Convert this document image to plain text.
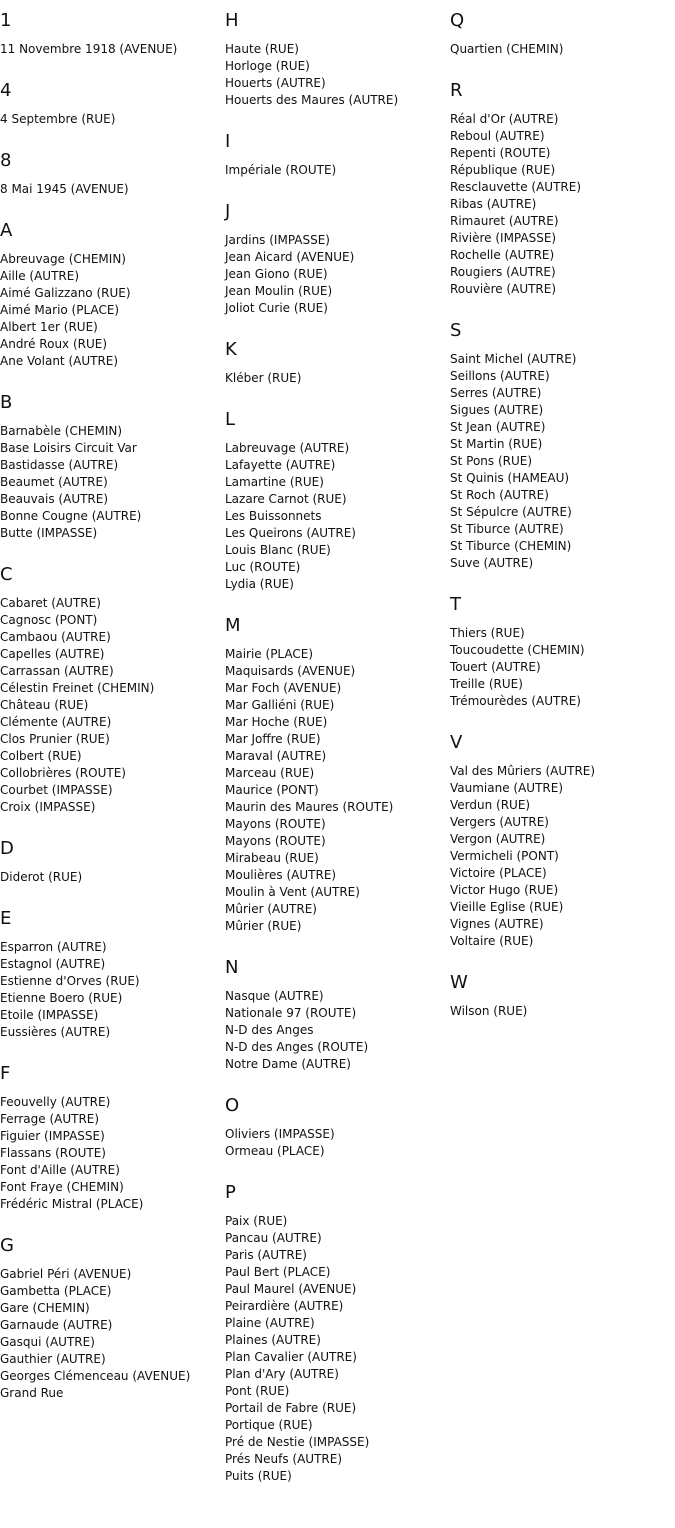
1
11 Novembre 1918 (AVENUE)
4
4 Septembre (RUE)
8
8 Mai 1945 (AVENUE)
A
Abreuvage (CHEMIN)
Aille (AUTRE)
Aimé Galizzano (RUE)
Aimé Mario (PLACE)
Albert 1er (RUE)
André Roux (RUE)
Ane Volant (AUTRE)
B
Barnabèle (CHEMIN)
Base Loisirs Circuit Var
Bastidasse (AUTRE)
Beaumet (AUTRE)
Beauvais (AUTRE)
Bonne Cougne (AUTRE)
Butte (IMPASSE)
C
Cabaret (AUTRE)
Cagnosc (PONT)
Cambaou (AUTRE)
Capelles (AUTRE)
Carrassan (AUTRE)
Célestin Freinet (CHEMIN)
Château (RUE)
Clémente (AUTRE)
Clos Prunier (RUE)
Colbert (RUE)
Collobrières (ROUTE)
Courbet (IMPASSE)
Croix (IMPASSE)
D
Diderot (RUE)
E
Esparron (AUTRE)
Estagnol (AUTRE)
Estienne d'Orves (RUE)
Etienne Boero (RUE)
Etoile (IMPASSE)
Eussières (AUTRE)
F
Feouvelly (AUTRE)
Ferrage (AUTRE)
Figuier (IMPASSE)
Flassans (ROUTE)
Font d'Aille (AUTRE)
Font Fraye (CHEMIN)
Frédéric Mistral (PLACE)
G
Gabriel Péri (AVENUE)
Gambetta (PLACE)
Gare (CHEMIN)
Garnaude (AUTRE)
Gasqui (AUTRE)
Gauthier (AUTRE)
Georges Clémenceau (AVENUE)
Grand Rue
H
Haute (RUE)
Horloge (RUE)
Houerts (AUTRE)
Houerts des Maures (AUTRE)
I
Impériale (ROUTE)
J
Jardins (IMPASSE)
Jean Aicard (AVENUE)
Jean Giono (RUE)
Jean Moulin (RUE)
Joliot Curie (RUE)
K
Kléber (RUE)
L
Labreuvage (AUTRE)
Lafayette (AUTRE)
Lamartine (RUE)
Lazare Carnot (RUE)
Les Buissonnets
Les Queirons (AUTRE)
Louis Blanc (RUE)
Luc (ROUTE)
Lydia (RUE)
M
Mairie (PLACE)
Maquisards (AVENUE)
Mar Foch (AVENUE)
Mar Galliéni (RUE)
Mar Hoche (RUE)
Mar Joffre (RUE)
Maraval (AUTRE)
Marceau (RUE)
Maurice (PONT)
Maurin des Maures (ROUTE)
Mayons (ROUTE)
Mayons (ROUTE)
Mirabeau (RUE)
Moulières (AUTRE)
Moulin à Vent (AUTRE)
Mûrier (AUTRE)
Mûrier (RUE)
N
Nasque (AUTRE)
Nationale 97 (ROUTE)
N-D des Anges
N-D des Anges (ROUTE)
Notre Dame (AUTRE)
O
Oliviers (IMPASSE)
Ormeau (PLACE)
P
Paix (RUE)
Pancau (AUTRE)
Paris (AUTRE)
Paul Bert (PLACE)
Paul Maurel (AVENUE)
Peirardière (AUTRE)
Plaine (AUTRE)
Plaines (AUTRE)
Plan Cavalier (AUTRE)
Plan d'Ary (AUTRE)
Pont (RUE)
Portail de Fabre (RUE)
Portique (RUE)
Pré de Nestie (IMPASSE)
Prés Neufs (AUTRE)
Puits (RUE)
Q
Quartien (CHEMIN)
R
Réal d'Or (AUTRE)
Reboul (AUTRE)
Repenti (ROUTE)
République (RUE)
Resclauvette (AUTRE)
Ribas (AUTRE)
Rimauret (AUTRE)
Rivière (IMPASSE)
Rochelle (AUTRE)
Rougiers (AUTRE)
Rouvière (AUTRE)
S
Saint Michel (AUTRE)
Seillons (AUTRE)
Serres (AUTRE)
Sigues (AUTRE)
St Jean (AUTRE)
St Martin (RUE)
St Pons (RUE)
St Quinis (HAMEAU)
St Roch (AUTRE)
St Sépulcre (AUTRE)
St Tiburce (AUTRE)
St Tiburce (CHEMIN)
Suve (AUTRE)
T
Thiers (RUE)
Toucoudette (CHEMIN)
Touert (AUTRE)
Treille (RUE)
Trémourèdes (AUTRE)
V
Val des Mûriers (AUTRE)
Vaumiane (AUTRE)
Verdun (RUE)
Vergers (AUTRE)
Vergon (AUTRE)
Vermicheli (PONT)
Victoire (PLACE)
Victor Hugo (RUE)
Vieille Eglise (RUE)
Vignes (AUTRE)
Voltaire (RUE)
W
Wilson (RUE)
